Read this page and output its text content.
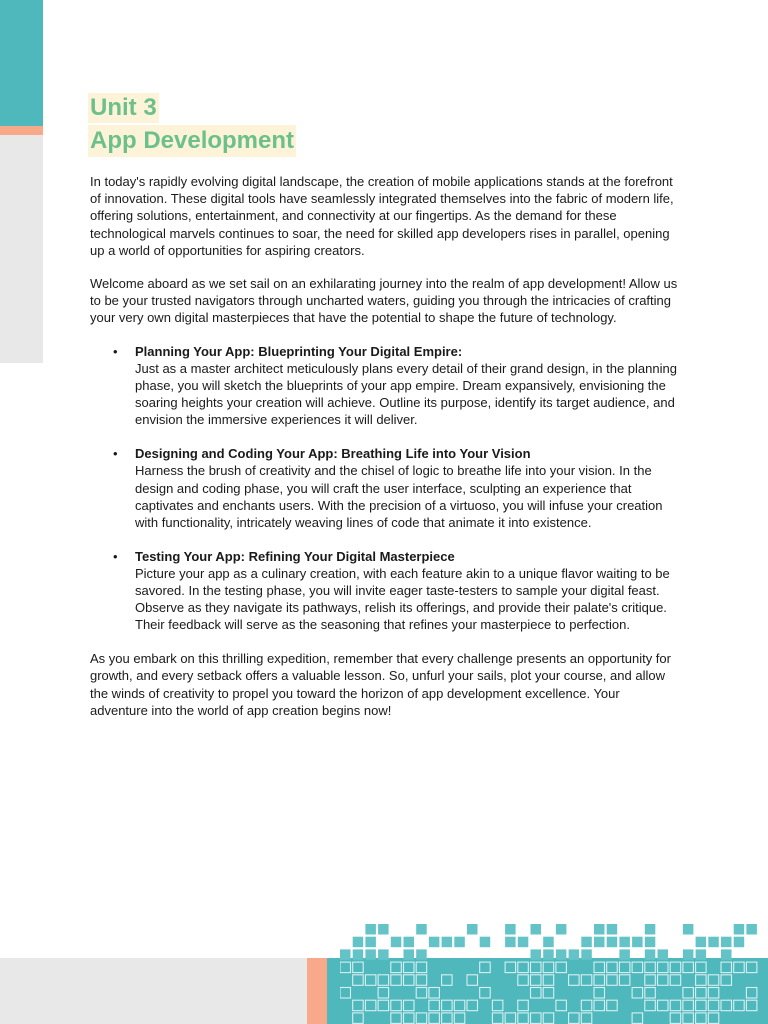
Unit 3
App Development

In today's rapidly evolving digital landscape, the creation of mobile applications stands at the forefront of innovation. These digital tools have seamlessly integrated themselves into the fabric of modern life, offering solutions, entertainment, and connectivity at our fingertips. As the demand for these technological marvels continues to soar, the need for skilled app developers rises in parallel, opening up a world of opportunities for aspiring creators.

Welcome aboard as we set sail on an exhilarating journey into the realm of app development! Allow us to be your trusted navigators through uncharted waters, guiding you through the intricacies of crafting your very own digital masterpieces that have the potential to shape the future of technology.

• Planning Your App: Blueprinting Your Digital Empire:
Just as a master architect meticulously plans every detail of their grand design, in the planning phase, you will sketch the blueprints of your app empire. Dream expansively, envisioning the soaring heights your creation will achieve. Outline its purpose, identify its target audience, and envision the immersive experiences it will deliver.
• Designing and Coding Your App: Breathing Life into Your Vision
Harness the brush of creativity and the chisel of logic to breathe life into your vision. In the design and coding phase, you will craft the user interface, sculpting an experience that captivates and enchants users. With the precision of a virtuoso, you will infuse your creation with functionality, intricately weaving lines of code that animate it into existence.
• Testing Your App: Refining Your Digital Masterpiece
Picture your app as a culinary creation, with each feature akin to a unique flavor waiting to be savored. In the testing phase, you will invite eager taste-testers to sample your digital feast. Observe as they navigate its pathways, relish its offerings, and provide their palate's critique. Their feedback will serve as the seasoning that refines your masterpiece to perfection.

As you embark on this thrilling expedition, remember that every challenge presents an opportunity for growth, and every setback offers a valuable lesson. So, unfurl your sails, plot your course, and allow the winds of creativity to propel you toward the horizon of app development excellence. Your adventure into the world of app creation begins now!
